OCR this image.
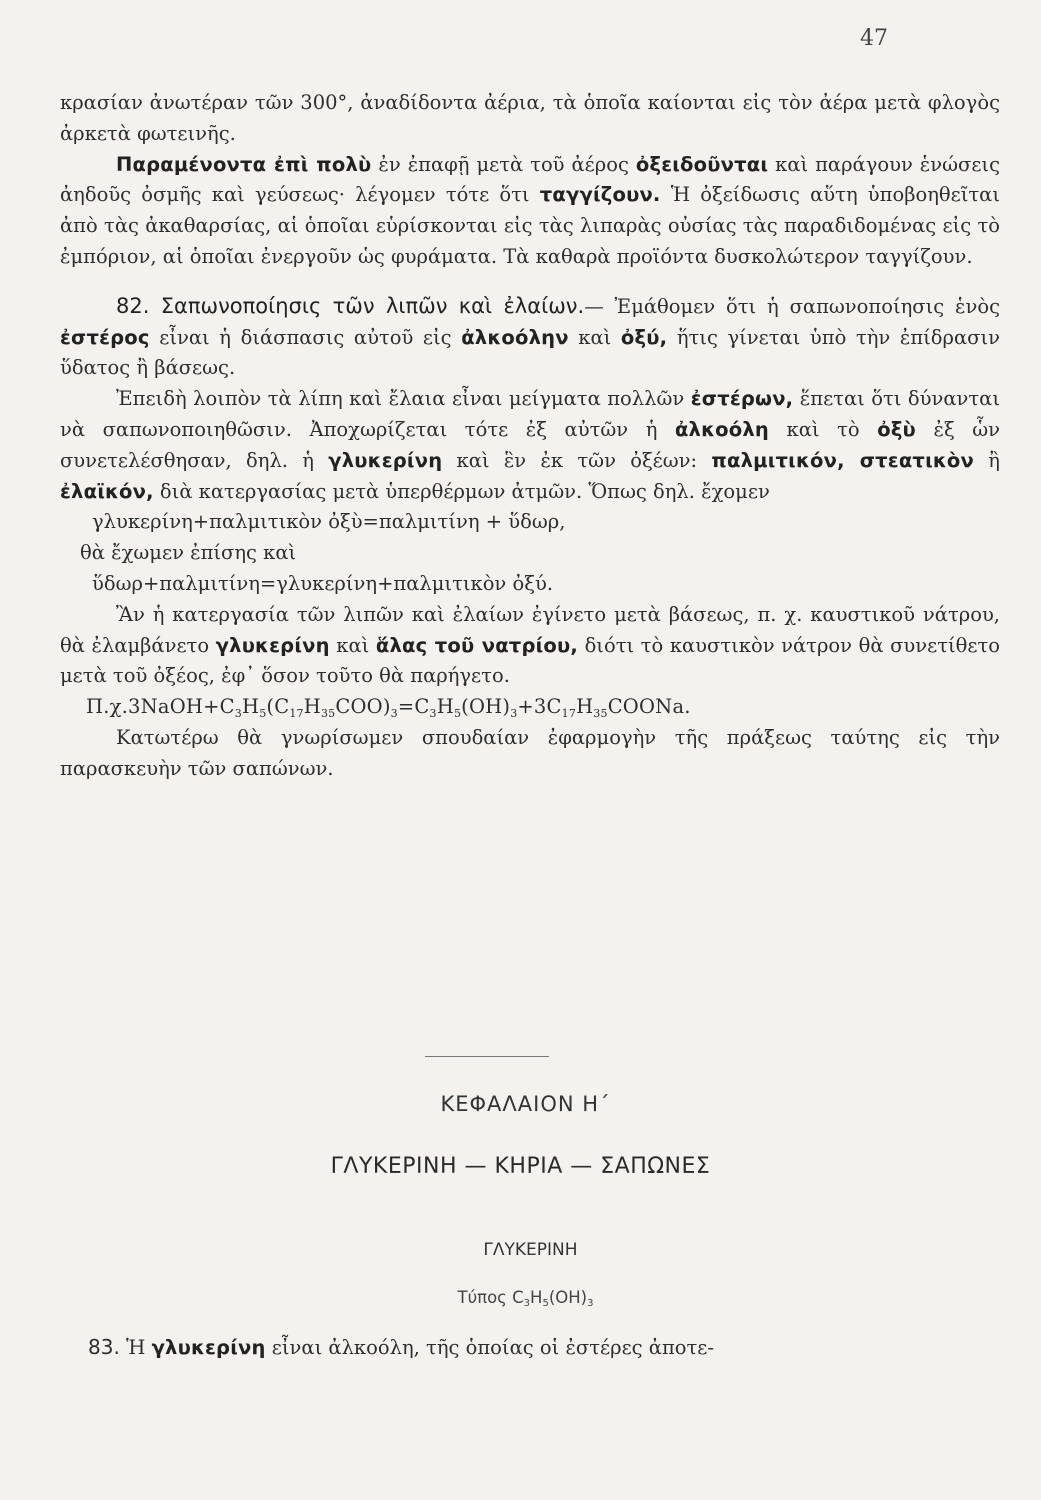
47

κρασίαν ἀνωτέραν τῶν 300°, ἀναδίδοντα ἀέρια, τὰ ὁποῖα καίονται εἰς τὸν ἀέρα μετὰ φλογὸς ἀρκετὰ φωτεινῆς.

Παραμένοντα ἐπὶ πολὺ ἐν ἐπαφῇ μετὰ τοῦ ἀέρος ὀξειδοῦνται καὶ παράγουν ἑνώσεις ἀηδοῦς ὀσμῆς καὶ γεύσεως· λέγομεν τότε ὅτι ταγγίζουν. Ἡ ὀξείδωσις αὕτη ὑποβοηθεῖται ἀπὸ τὰς ἀκαθαρσίας, αἱ ὁποῖαι εὑρίσκονται εἰς τὰς λιπαρὰς οὐσίας τὰς παραδιδομένας εἰς τὸ ἐμπόριον, αἱ ὁποῖαι ἐνεργοῦν ὡς φυράματα. Τὰ καθαρὰ προϊόντα δυσκολώτερον ταγγίζουν.

82. Σαπωνοποίησις τῶν λιπῶν καὶ ἐλαίων.— Ἐμάθομεν ὅτι ἡ σαπωνοποίησις ἑνὸς ἐστέρος εἶναι ἡ διάσπασις αὐτοῦ εἰς ἀλκοόλην καὶ ὀξύ, ἥτις γίνεται ὑπὸ τὴν ἐπίδρασιν ὕδατος ἢ βάσεως.

Ἐπειδὴ λοιπὸν τὰ λίπη καὶ ἔλαια εἶναι μείγματα πολλῶν ἐστέρων, ἕπεται ὅτι δύνανται νὰ σαπωνοποιηθῶσιν. Ἀποχωρίζεται τότε ἐξ αὐτῶν ἡ ἀλκοόλη καὶ τὸ ὀξὺ ἐξ ὧν συνετελέσθησαν, δηλ. ἡ γλυκερίνη καὶ ἓν ἐκ τῶν ὀξέων: παλμιτικόν, στεατικὸν ἢ ἐλαϊκόν, διὰ κατεργασίας μετὰ ὑπερθέρμων ἀτμῶν. Ὅπως δηλ. ἔχομεν

γλυκερίνη+παλμιτικὸν ὀξὺ=παλμιτίνη + ὕδωρ,

θὰ ἔχωμεν ἐπίσης καὶ

ὕδωρ+παλμιτίνη=γλυκερίνη+παλμιτικὸν ὀξύ.

Ἂν ἡ κατεργασία τῶν λιπῶν καὶ ἐλαίων ἐγίνετο μετὰ βάσεως, π. χ. καυστικοῦ νάτρου, θὰ ἐλαμβάνετο γλυκερίνη καὶ ἅλας τοῦ νατρίου, διότι τὸ καυστικὸν νάτρον θὰ συνετίθετο μετὰ τοῦ ὀξέος, ἐφ᾽ ὅσον τοῦτο θὰ παρήγετο.

$\Pi.\chi.3NaOH+C_3H_5(C_{17}H_{35}COO)_3=C_3H_5(OH)_3+3C_{17}H_{35}COONa$.

Κατωτέρω θὰ γνωρίσωμεν σπουδαίαν ἐφαρμογὴν τῆς πράξεως ταύτης εἰς τὴν παρασκευὴν τῶν σαπώνων.

ΚΕΦΑΛΑΙΟΝ Η΄
ΓΛΥΚΕΡΙΝΗ — ΚΗΡΙΑ — ΣΑΠΩΝΕΣ
ΓΛΥΚΕΡΙΝΗ
Τύπος $C_3H_5(OH)_3$
83. Ἡ γλυκερίνη εἶναι ἀλκοόλη, τῆς ὁποίας οἱ ἐστέρες ἀποτε-
